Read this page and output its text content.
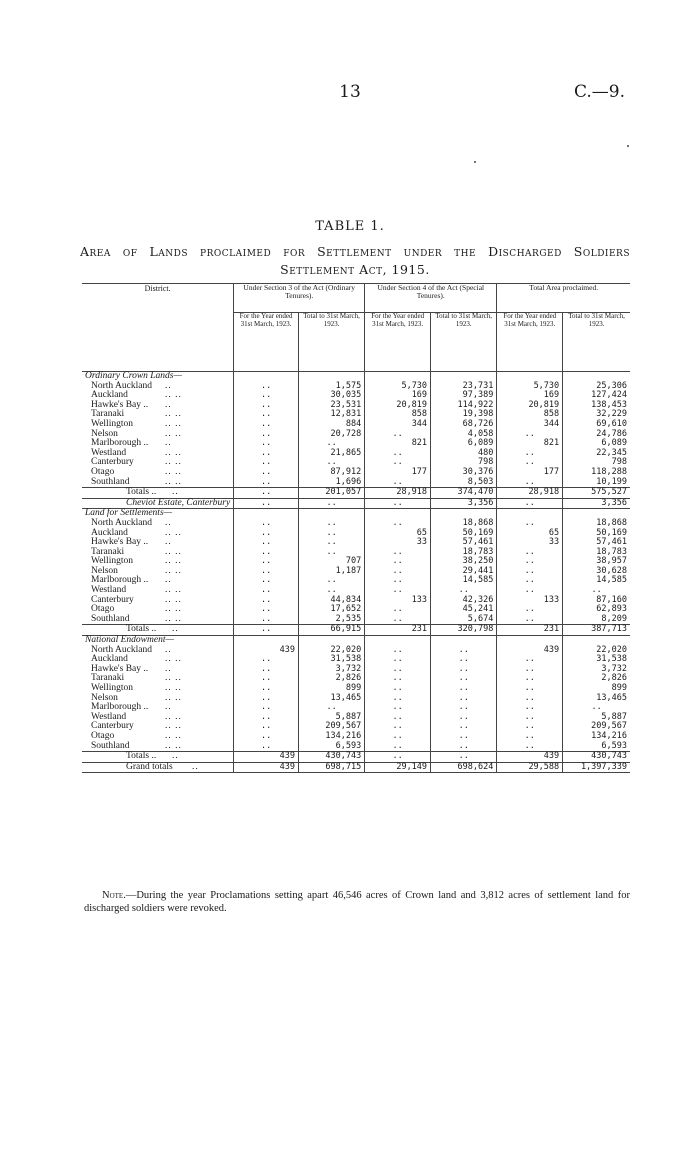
13	C.—9.
TABLE 1.
Area of Lands proclaimed for Settlement under the Discharged Soldiers Settlement Act, 1915.
District.	Under Section 3 of the Act (Ordinary Tenures).		Under Section 4 of the Act (Special Tenures).		Total Area proclaimed.	
	For the Year ended 31st March, 1923.	Total to 31st March, 1923.	For the Year ended 31st March, 1923.	Total to 31st March, 1923.	For the Year ended 31st March, 1923.	Total to 31st March, 1923.
Ordinary Crown Lands—						
North Auckland ..	..	1,575	5,730	23,731	5,730	25,306
Auckland .. ..	..	30,035	169	97,389	169	127,424
Hawke's Bay .. ..	..	23,531	20,819	114,922	20,819	138,453
Taranaki .. ..	..	12,831	858	19,398	858	32,229
Wellington .. ..	..	884	344	68,726	344	69,610
Nelson .. ..	..	20,728	..	4,058	..	24,786
Marlborough .. ..	..	..	821	6,089	821	6,089
Westland .. ..	..	21,865	..	480	..	22,345
Canterbury .. ..	..	..	..	798	..	798
Otago .. ..	..	87,912	177	30,376	177	118,288
Southland .. ..	..	1,696	..	8,503	..	10,199
Totals .. ..	..	201,057	28,918	374,470	28,918	575,527
Cheviot Estate, Canterbury	..	..	..	3,356	..	3,356
Land for Settlements—						
North Auckland ..	..	..	..	18,868	..	18,868
Auckland .. ..	..	..	65	50,169	65	50,169
Hawke's Bay .. ..	..	..	33	57,461	33	57,461
Taranaki .. ..	..	..	..	18,783	..	18,783
Wellington .. ..	..	707	..	38,250	..	38,957
Nelson .. ..	..	1,187	..	29,441	..	30,628
Marlborough .. ..	..	..	..	14,585	..	14,585
Westland .. ..	..	..	..	..	..	..
Canterbury .. ..	..	44,834	133	42,326	133	87,160
Otago .. ..	..	17,652	..	45,241	..	62,893
Southland .. ..	..	2,535	..	5,674	..	8,209
Totals .. ..	..	66,915	231	320,798	231	387,713
National Endowment—						
North Auckland ..	439	22,020	..	..	439	22,020
Auckland .. ..	..	31,538	..	..	..	31,538
Hawke's Bay .. ..	..	3,732	..	..	..	3,732
Taranaki .. ..	..	2,826	..	..	..	2,826
Wellington .. ..	..	899	..	..	..	899
Nelson .. ..	..	13,465	..	..	..	13,465
Marlborough .. ..	..	..	..	..	..	..
Westland .. ..	..	5,887	..	..	..	5,887
Canterbury .. ..	..	209,567	..	..	..	209,567
Otago .. ..	..	134,216	..	..	..	134,216
Southland .. ..	..	6,593	..	..	..	6,593
Totals .. ..	439	430,743	..	..	439	430,743
Grand totals ..	439	698,715	29,149	698,624	29,588	1,397,339
Note.—During the year Proclamations setting apart 46,546 acres of Crown land and 3,812 acres of settlement land for discharged soldiers were revoked.
